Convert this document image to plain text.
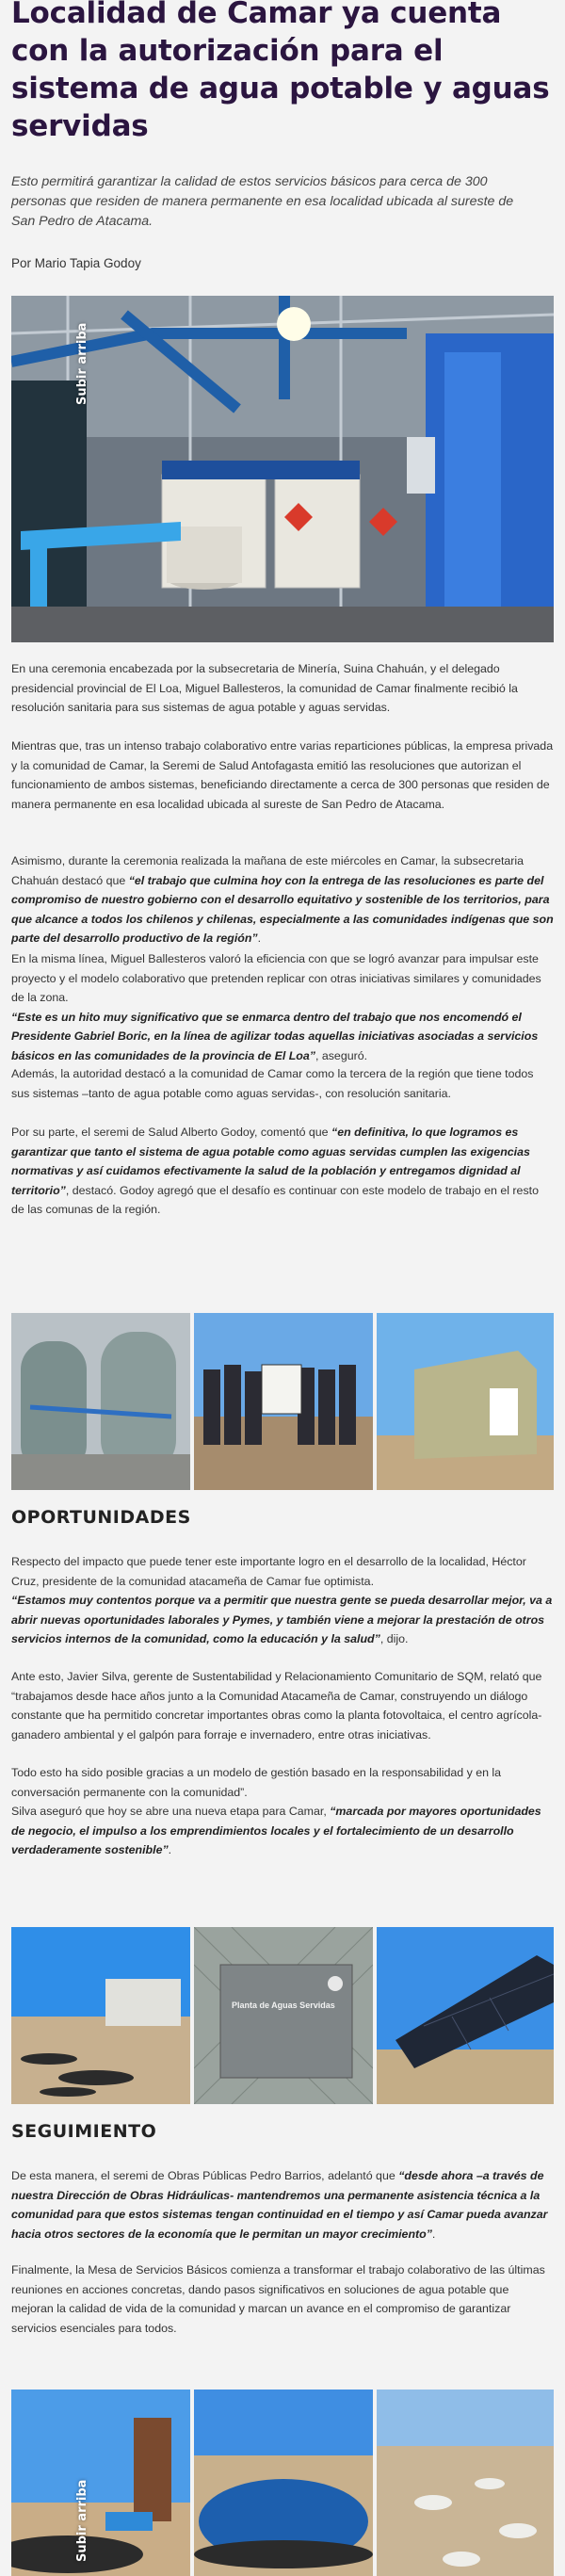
Localidad de Camar ya cuenta con la autorización para el sistema de agua potable y aguas servidas

Esto permitirá garantizar la calidad de estos servicios básicos para cerca de 300 personas que residen de manera permanente en esa localidad ubicada al sureste de San Pedro de Atacama.

Por Mario Tapia Godoy

En una ceremonia encabezada por la subsecretaria de Minería, Suina Chahuán, y el delegado presidencial provincial de El Loa, Miguel Ballesteros, la comunidad de Camar finalmente recibió la resolución sanitaria para sus sistemas de agua potable y aguas servidas.

Mientras que, tras un intenso trabajo colaborativo entre varias reparticiones públicas, la empresa privada y la comunidad de Camar, la Seremi de Salud Antofagasta emitió las resoluciones que autorizan el funcionamiento de ambos sistemas, beneficiando directamente a cerca de 300 personas que residen de manera permanente en esa localidad ubicada al sureste de San Pedro de Atacama.

Asimismo, durante la ceremonia realizada la mañana de este miércoles en Camar, la subsecretaria Chahuán destacó que “el trabajo que culmina hoy con la entrega de las resoluciones es parte del compromiso de nuestro gobierno con el desarrollo equitativo y sostenible de los territorios, para que alcance a todos los chilenos y chilenas, especialmente a las comunidades indígenas que son parte del desarrollo productivo de la región”.

En la misma línea, Miguel Ballesteros valoró la eficiencia con que se logró avanzar para impulsar este proyecto y el modelo colaborativo que pretenden replicar con otras iniciativas similares y comunidades de la zona.
“Este es un hito muy significativo que se enmarca dentro del trabajo que nos encomendó el Presidente Gabriel Boric, en la línea de agilizar todas aquellas iniciativas asociadas a servicios básicos en las comunidades de la provincia de El Loa”, aseguró.

Además, la autoridad destacó a la comunidad de Camar como la tercera de la región que tiene todos sus sistemas –tanto de agua potable como aguas servidas-, con resolución sanitaria.

Por su parte, el seremi de Salud Alberto Godoy, comentó que “en definitiva, lo que logramos es garantizar que tanto el sistema de agua potable como aguas servidas cumplen las exigencias normativas y así cuidamos efectivamente la salud de la población y entregamos dignidad al territorio”, destacó. Godoy agregó que el desafío es continuar con este modelo de trabajo en el resto de las comunas de la región.

OPORTUNIDADES

Respecto del impacto que puede tener este importante logro en el desarrollo de la localidad, Héctor Cruz, presidente de la comunidad atacameña de Camar fue optimista.
“Estamos muy contentos porque va a permitir que nuestra gente se pueda desarrollar mejor, va a abrir nuevas oportunidades laborales y Pymes, y también viene a mejorar la prestación de otros servicios internos de la comunidad, como la educación y la salud”, dijo.

Ante esto, Javier Silva, gerente de Sustentabilidad y Relacionamiento Comunitario de SQM, relató que “trabajamos desde hace años junto a la Comunidad Atacameña de Camar, construyendo un diálogo constante que ha permitido concretar importantes obras como la planta fotovoltaica, el centro agrícola-ganadero ambiental y el galpón para forraje e invernadero, entre otras iniciativas.

Todo esto ha sido posible gracias a un modelo de gestión basado en la responsabilidad y en la conversación permanente con la comunidad”.
Silva aseguró que hoy se abre una nueva etapa para Camar, “marcada por mayores oportunidades de negocio, el impulso a los emprendimientos locales y el fortalecimiento de un desarrollo verdaderamente sostenible”.

Planta de Aguas Servidas
SEGUIMIENTO

De esta manera, el seremi de Obras Públicas Pedro Barrios, adelantó que “desde ahora –a través de nuestra Dirección de Obras Hidráulicas- mantendremos una permanente asistencia técnica a la comunidad para que estos sistemas tengan continuidad en el tiempo y así Camar pueda avanzar hacia otros sectores de la economía que le permitan un mayor crecimiento”.

Finalmente, la Mesa de Servicios Básicos comienza a transformar el trabajo colaborativo de las últimas reuniones en acciones concretas, dando pasos significativos en soluciones de agua potable que mejoran la calidad de vida de la comunidad y marcan un avance en el compromiso de garantizar servicios esenciales para todos.

Subir arriba
Subir arriba
